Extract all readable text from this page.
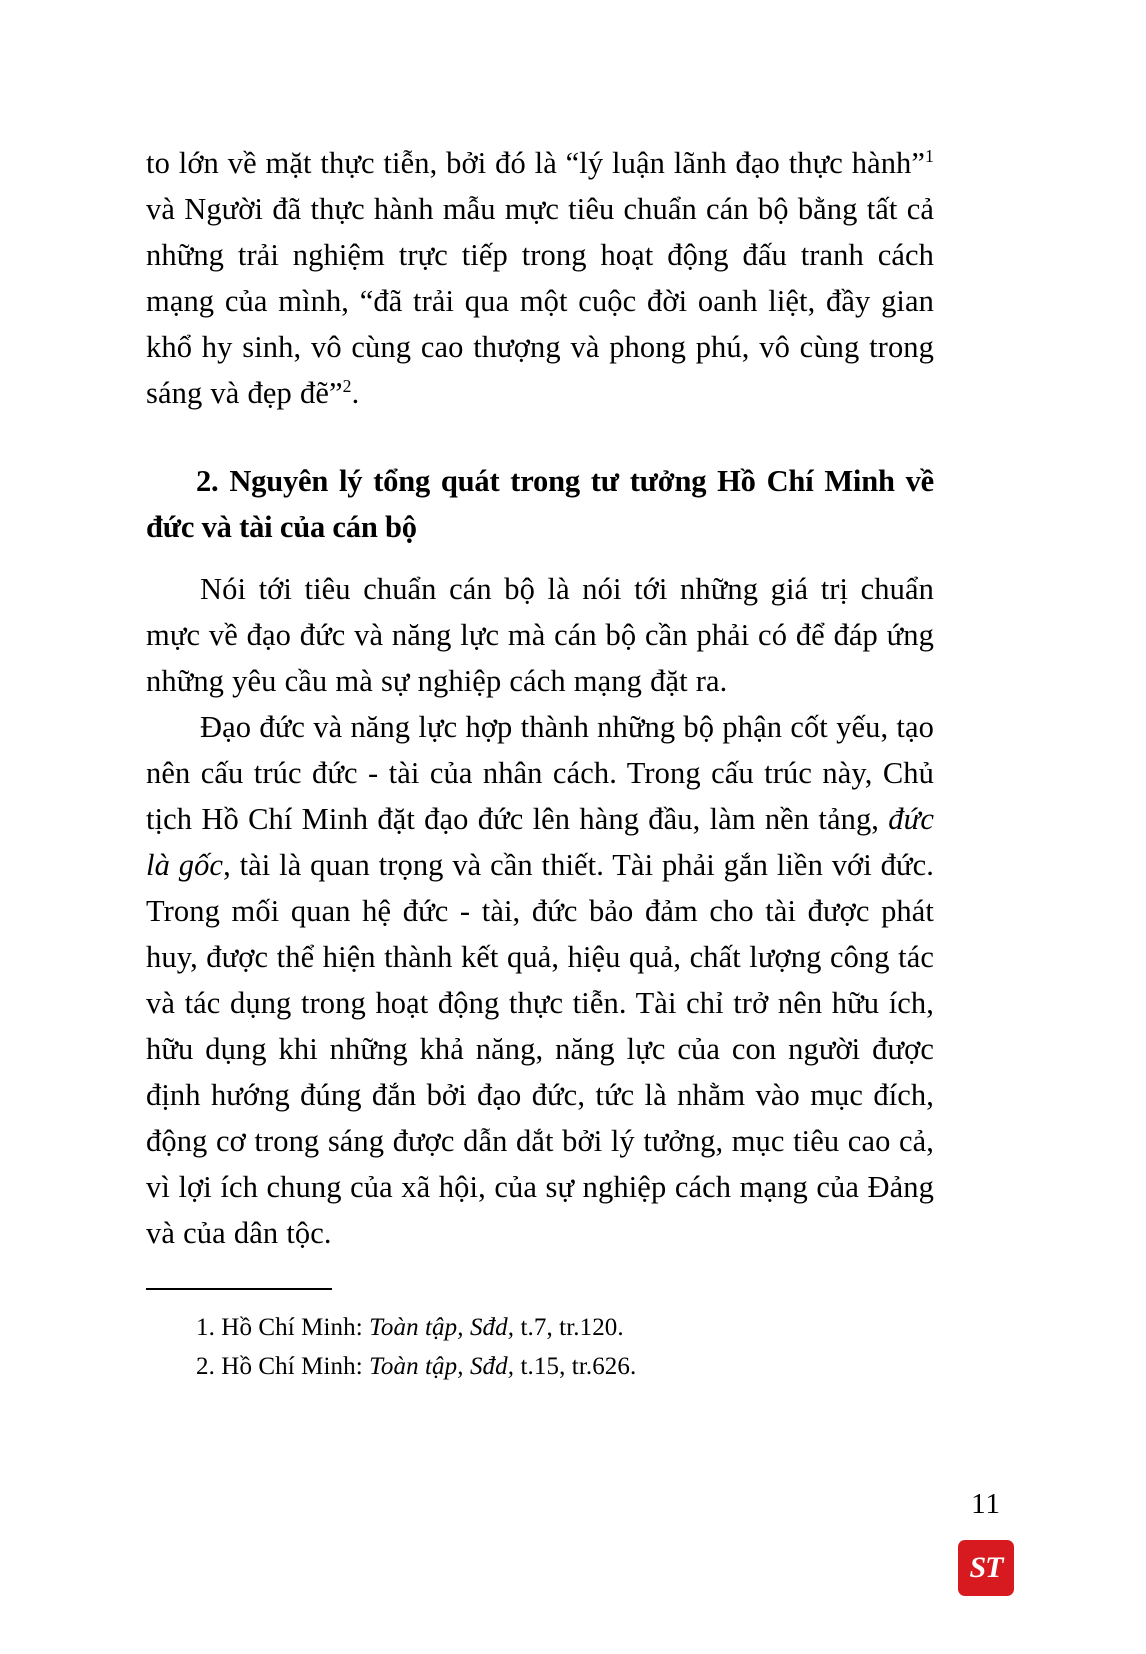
to lớn về mặt thực tiễn, bởi đó là “lý luận lãnh đạo thực hành”$^1$ và Người đã thực hành mẫu mực tiêu chuẩn cán bộ bằng tất cả những trải nghiệm trực tiếp trong hoạt động đấu tranh cách mạng của mình, “đã trải qua một cuộc đời oanh liệt, đầy gian khổ hy sinh, vô cùng cao thượng và phong phú, vô cùng trong sáng và đẹp đẽ”$^2$.

2. Nguyên lý tổng quát trong tư tưởng Hồ Chí Minh về đức và tài của cán bộ

Nói tới tiêu chuẩn cán bộ là nói tới những giá trị chuẩn mực về đạo đức và năng lực mà cán bộ cần phải có để đáp ứng những yêu cầu mà sự nghiệp cách mạng đặt ra.

Đạo đức và năng lực hợp thành những bộ phận cốt yếu, tạo nên cấu trúc đức - tài của nhân cách. Trong cấu trúc này, Chủ tịch Hồ Chí Minh đặt đạo đức lên hàng đầu, làm nền tảng, đức là gốc, tài là quan trọng và cần thiết. Tài phải gắn liền với đức. Trong mối quan hệ đức - tài, đức bảo đảm cho tài được phát huy, được thể hiện thành kết quả, hiệu quả, chất lượng công tác và tác dụng trong hoạt động thực tiễn. Tài chỉ trở nên hữu ích, hữu dụng khi những khả năng, năng lực của con người được định hướng đúng đắn bởi đạo đức, tức là nhằm vào mục đích, động cơ trong sáng được dẫn dắt bởi lý tưởng, mục tiêu cao cả, vì lợi ích chung của xã hội, của sự nghiệp cách mạng của Đảng và của dân tộc.

1. Hồ Chí Minh: Toàn tập, Sđd, t.7, tr.120.

2. Hồ Chí Minh: Toàn tập, Sđd, t.15, tr.626.

11
ST
